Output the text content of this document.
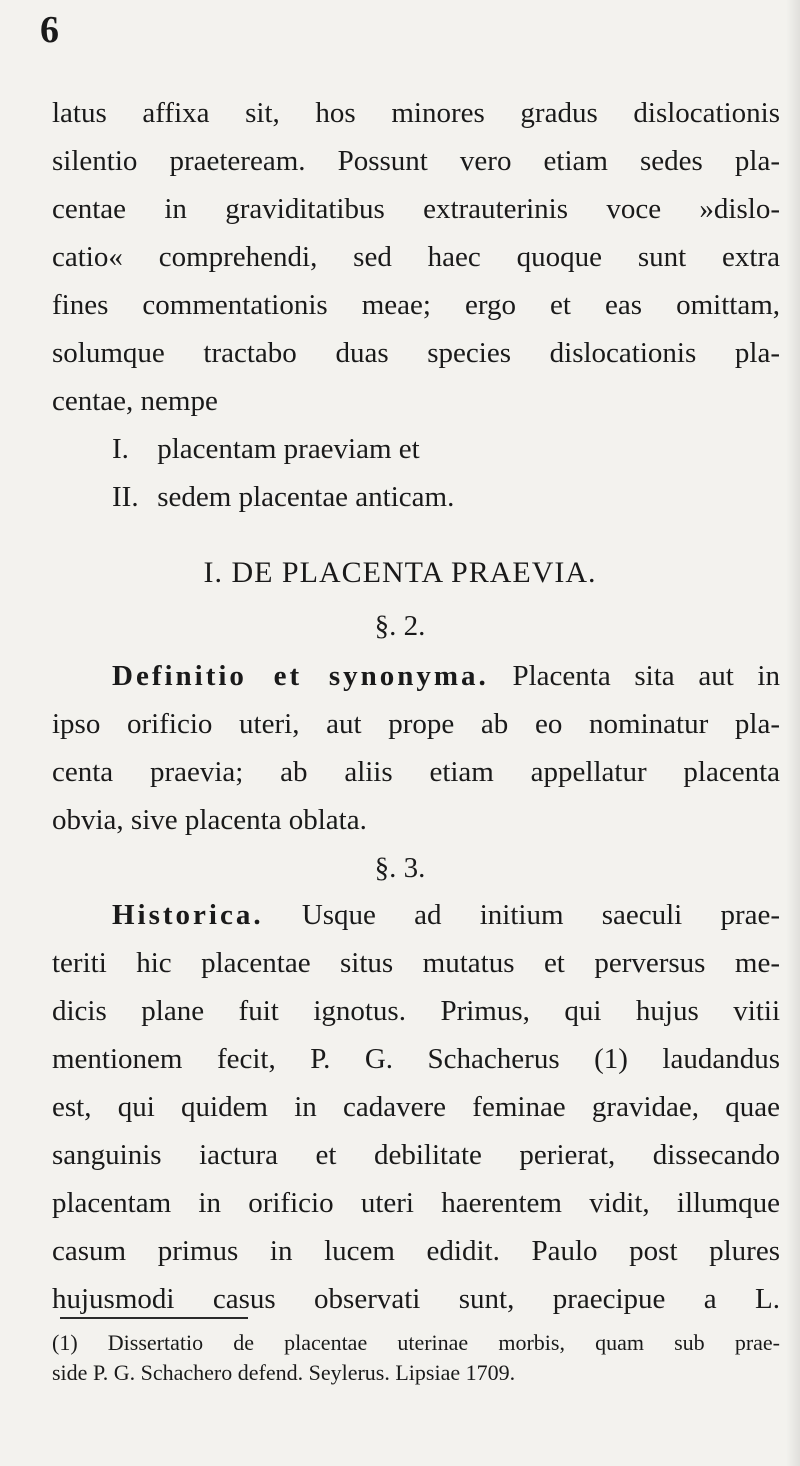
6
latus affixa sit, hos minores gradus dislocationis
silentio praeteream. Possunt vero etiam sedes pla-
centae in graviditatibus extrauterinis voce »dislo-
catio« comprehendi, sed haec quoque sunt extra
fines commentationis meae; ergo et eas omittam,
solumque tractabo duas species dislocationis pla-
centae, nempe
I. placentam praeviam et
II. sedem placentae anticam.
I. DE PLACENTA PRAEVIA.
§. 2.
Definitio et synonyma. Placenta sita aut in
ipso orificio uteri, aut prope ab eo nominatur pla-
centa praevia; ab aliis etiam appellatur placenta
obvia, sive placenta oblata.
§. 3.
Historica. Usque ad initium saeculi prae-
teriti hic placentae situs mutatus et perversus me-
dicis plane fuit ignotus. Primus, qui hujus vitii
mentionem fecit, P. G. Schacherus (1) laudandus
est, qui quidem in cadavere feminae gravidae, quae
sanguinis iactura et debilitate perierat, dissecando
placentam in orificio uteri haerentem vidit, illumque
casum primus in lucem edidit. Paulo post plures
hujusmodi casus observati sunt, praecipue a L.
(1) Dissertatio de placentae uterinae morbis, quam sub prae-
side P. G. Schachero defend. Seylerus. Lipsiae 1709.
